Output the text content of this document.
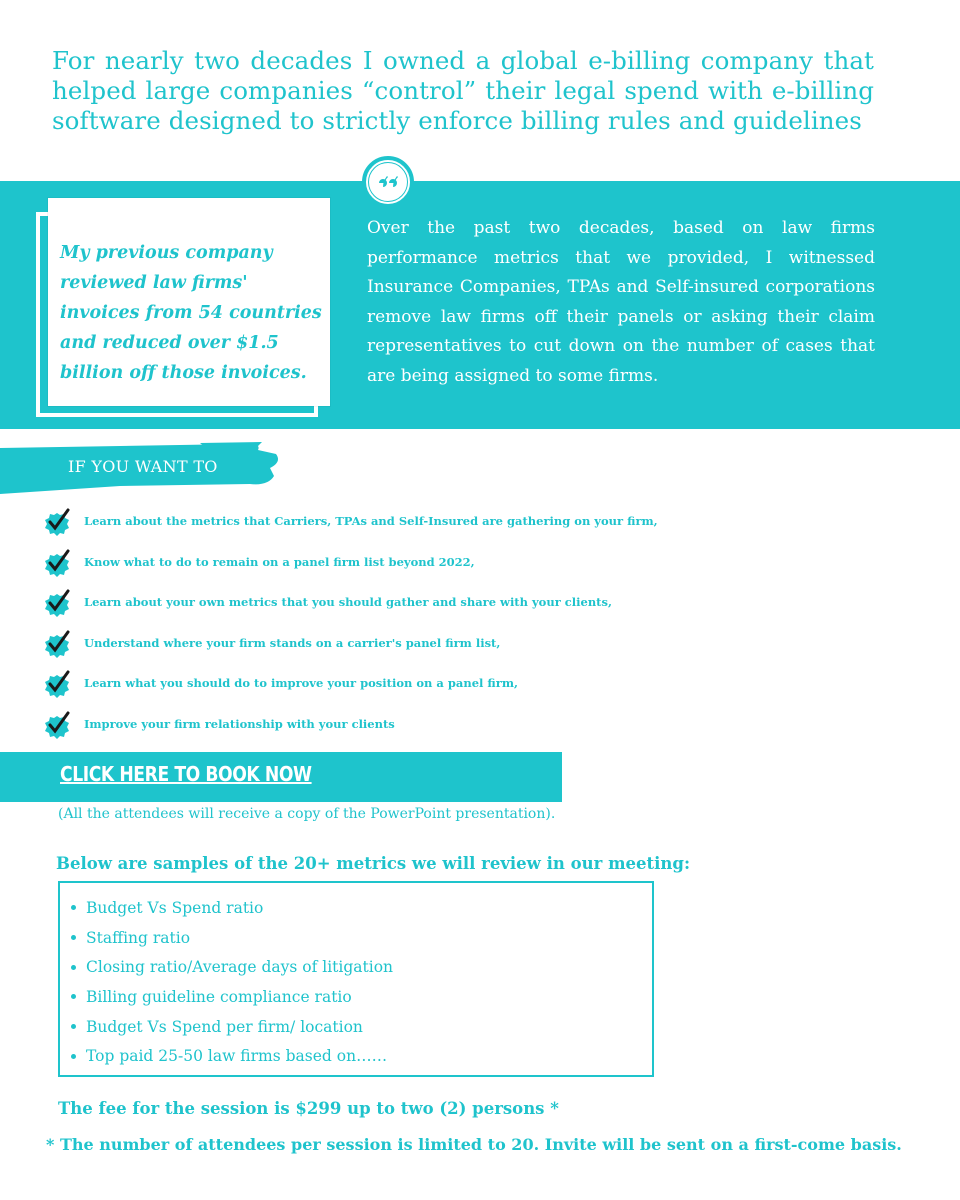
For nearly two decades I owned a global e-billing company that helped large companies “control” their legal spend with e-billing software designed to strictly enforce billing rules and guidelines
My previous company reviewed law firms' invoices from 54 countries and reduced over $1.5 billion off those invoices.
Over the past two decades, based on law firms performance metrics that we provided, I witnessed Insurance Companies, TPAs and Self-insured corporations remove law firms off their panels or asking their claim representatives to cut down on the number of cases that are being assigned to some firms.
IF YOU WANT TO
Learn about the metrics that Carriers, TPAs and Self-Insured are gathering on your firm,
Know what to do to remain on a panel firm list beyond 2022,
Learn about your own metrics that you should gather and share with your clients,
Understand where your firm stands on a carrier's panel firm list,
Learn what you should do to improve your position on a panel firm,
Improve your firm relationship with your clients
CLICK HERE TO BOOK NOW
(All the attendees will receive a copy of the PowerPoint presentation).
Below are samples of the 20+ metrics we will review in our meeting:
Budget Vs Spend ratio
Staffing ratio
Closing ratio/Average days of litigation
Billing guideline compliance ratio
Budget Vs Spend per firm/ location
Top paid 25-50 law firms based on……
The fee for the session is $299 up to two (2) persons *
* The number of attendees per session is limited to 20. Invite will be sent on a first-come basis.
